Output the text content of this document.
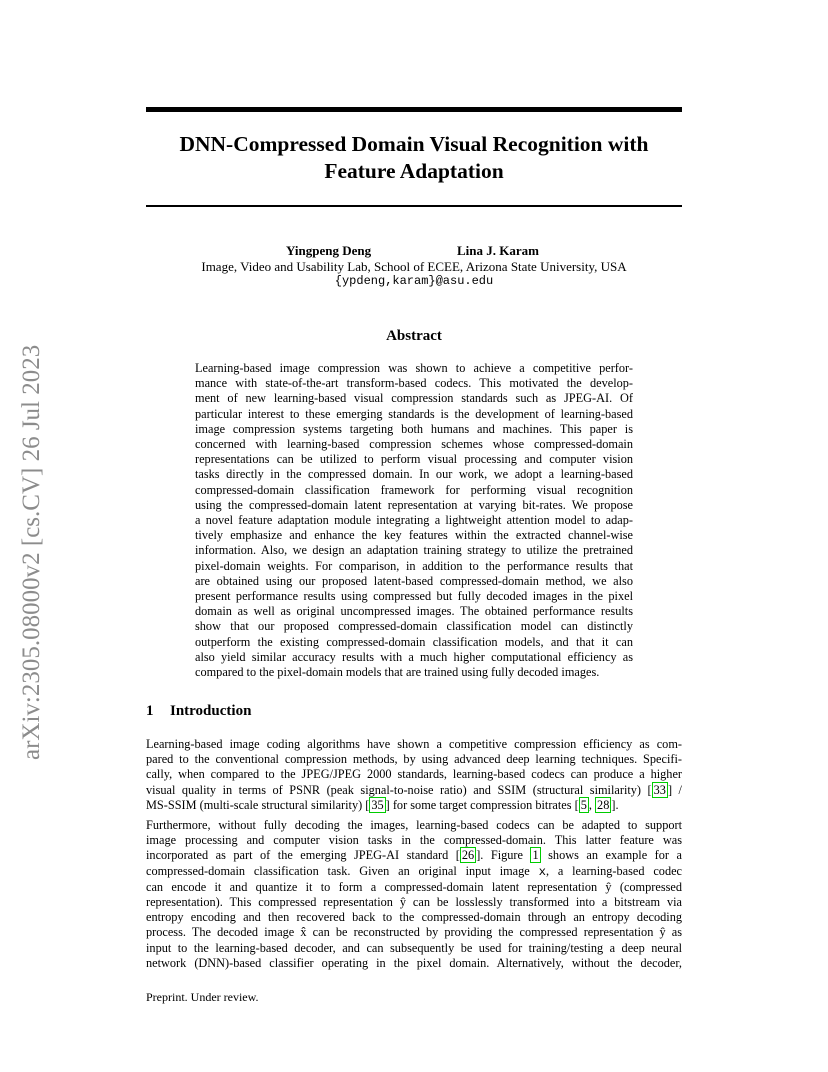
arXiv:2305.08000v2 [cs.CV] 26 Jul 2023
DNN-Compressed Domain Visual Recognition with
Feature Adaptation
Yingpeng Deng	Lina J. Karam
Image, Video and Usability Lab, School of ECEE, Arizona State University, USA
{ypdeng,karam}@asu.edu
Abstract
Learning-based image compression was shown to achieve a competitive perfor-
mance with state-of-the-art transform-based codecs. This motivated the develop-
ment of new learning-based visual compression standards such as JPEG-AI. Of
particular interest to these emerging standards is the development of learning-based
image compression systems targeting both humans and machines. This paper is
concerned with learning-based compression schemes whose compressed-domain
representations can be utilized to perform visual processing and computer vision
tasks directly in the compressed domain. In our work, we adopt a learning-based
compressed-domain classification framework for performing visual recognition
using the compressed-domain latent representation at varying bit-rates. We propose
a novel feature adaptation module integrating a lightweight attention model to adap-
tively emphasize and enhance the key features within the extracted channel-wise
information. Also, we design an adaptation training strategy to utilize the pretrained
pixel-domain weights. For comparison, in addition to the performance results that
are obtained using our proposed latent-based compressed-domain method, we also
present performance results using compressed but fully decoded images in the pixel
domain as well as original uncompressed images. The obtained performance results
show that our proposed compressed-domain classification model can distinctly
outperform the existing compressed-domain classification models, and that it can
also yield similar accuracy results with a much higher computational efficiency as
compared to the pixel-domain models that are trained using fully decoded images.
1 Introduction
Learning-based image coding algorithms have shown a competitive compression efficiency as com-
pared to the conventional compression methods, by using advanced deep learning techniques. Specifi-
cally, when compared to the JPEG/JPEG 2000 standards, learning-based codecs can produce a higher
visual quality in terms of PSNR (peak signal-to-noise ratio) and SSIM (structural similarity) [ 33 ] /
MS-SSIM (multi-scale structural similarity) [ 35 ] for some target compression bitrates [ 5 , 28 ].
Furthermore, without fully decoding the images, learning-based codecs can be adapted to support
image processing and computer vision tasks in the compressed-domain. This latter feature was
incorporated as part of the emerging JPEG-AI standard [ 26 ]. Figure 1 shows an example for a
compressed-domain classification task. Given an original input image x, a learning-based codec
can encode it and quantize it to form a compressed-domain latent representation ŷ (compressed
representation). This compressed representation ŷ can be losslessly transformed into a bitstream via
entropy encoding and then recovered back to the compressed-domain through an entropy decoding
process. The decoded image x̂ can be reconstructed by providing the compressed representation ŷ as
input to the learning-based decoder, and can subsequently be used for training/testing a deep neural
network (DNN)-based classifier operating in the pixel domain. Alternatively, without the decoder,
Preprint. Under review.
